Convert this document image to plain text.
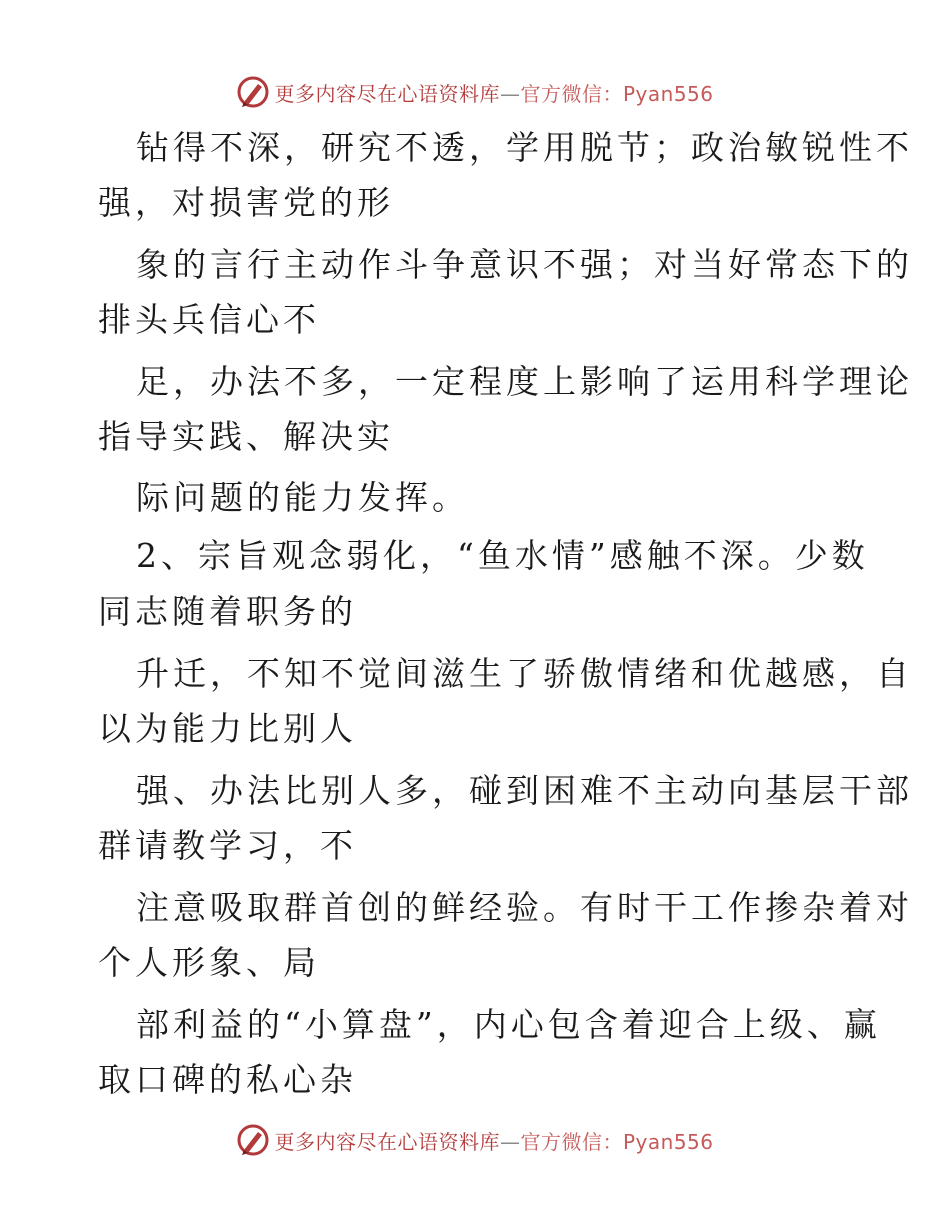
更多内容尽在心语资料库—官方微信：Pyan556
钻得不深，研究不透，学用脱节；政治敏锐性不
强，对损害党的形
象的言行主动作斗争意识不强；对当好常态下的
排头兵信心不
足，办法不多，一定程度上影响了运用科学理论
指导实践、解决实
际问题的能力发挥。
2、宗旨观念弱化，“鱼水情”感触不深。少数
同志随着职务的
升迁，不知不觉间滋生了骄傲情绪和优越感，自
以为能力比别人
强、办法比别人多，碰到困难不主动向基层干部
群请教学习，不
注意吸取群首创的鲜经验。有时干工作掺杂着对
个人形象、局
部利益的“小算盘”，内心包含着迎合上级、赢
取口碑的私心杂
更多内容尽在心语资料库—官方微信：Pyan556
